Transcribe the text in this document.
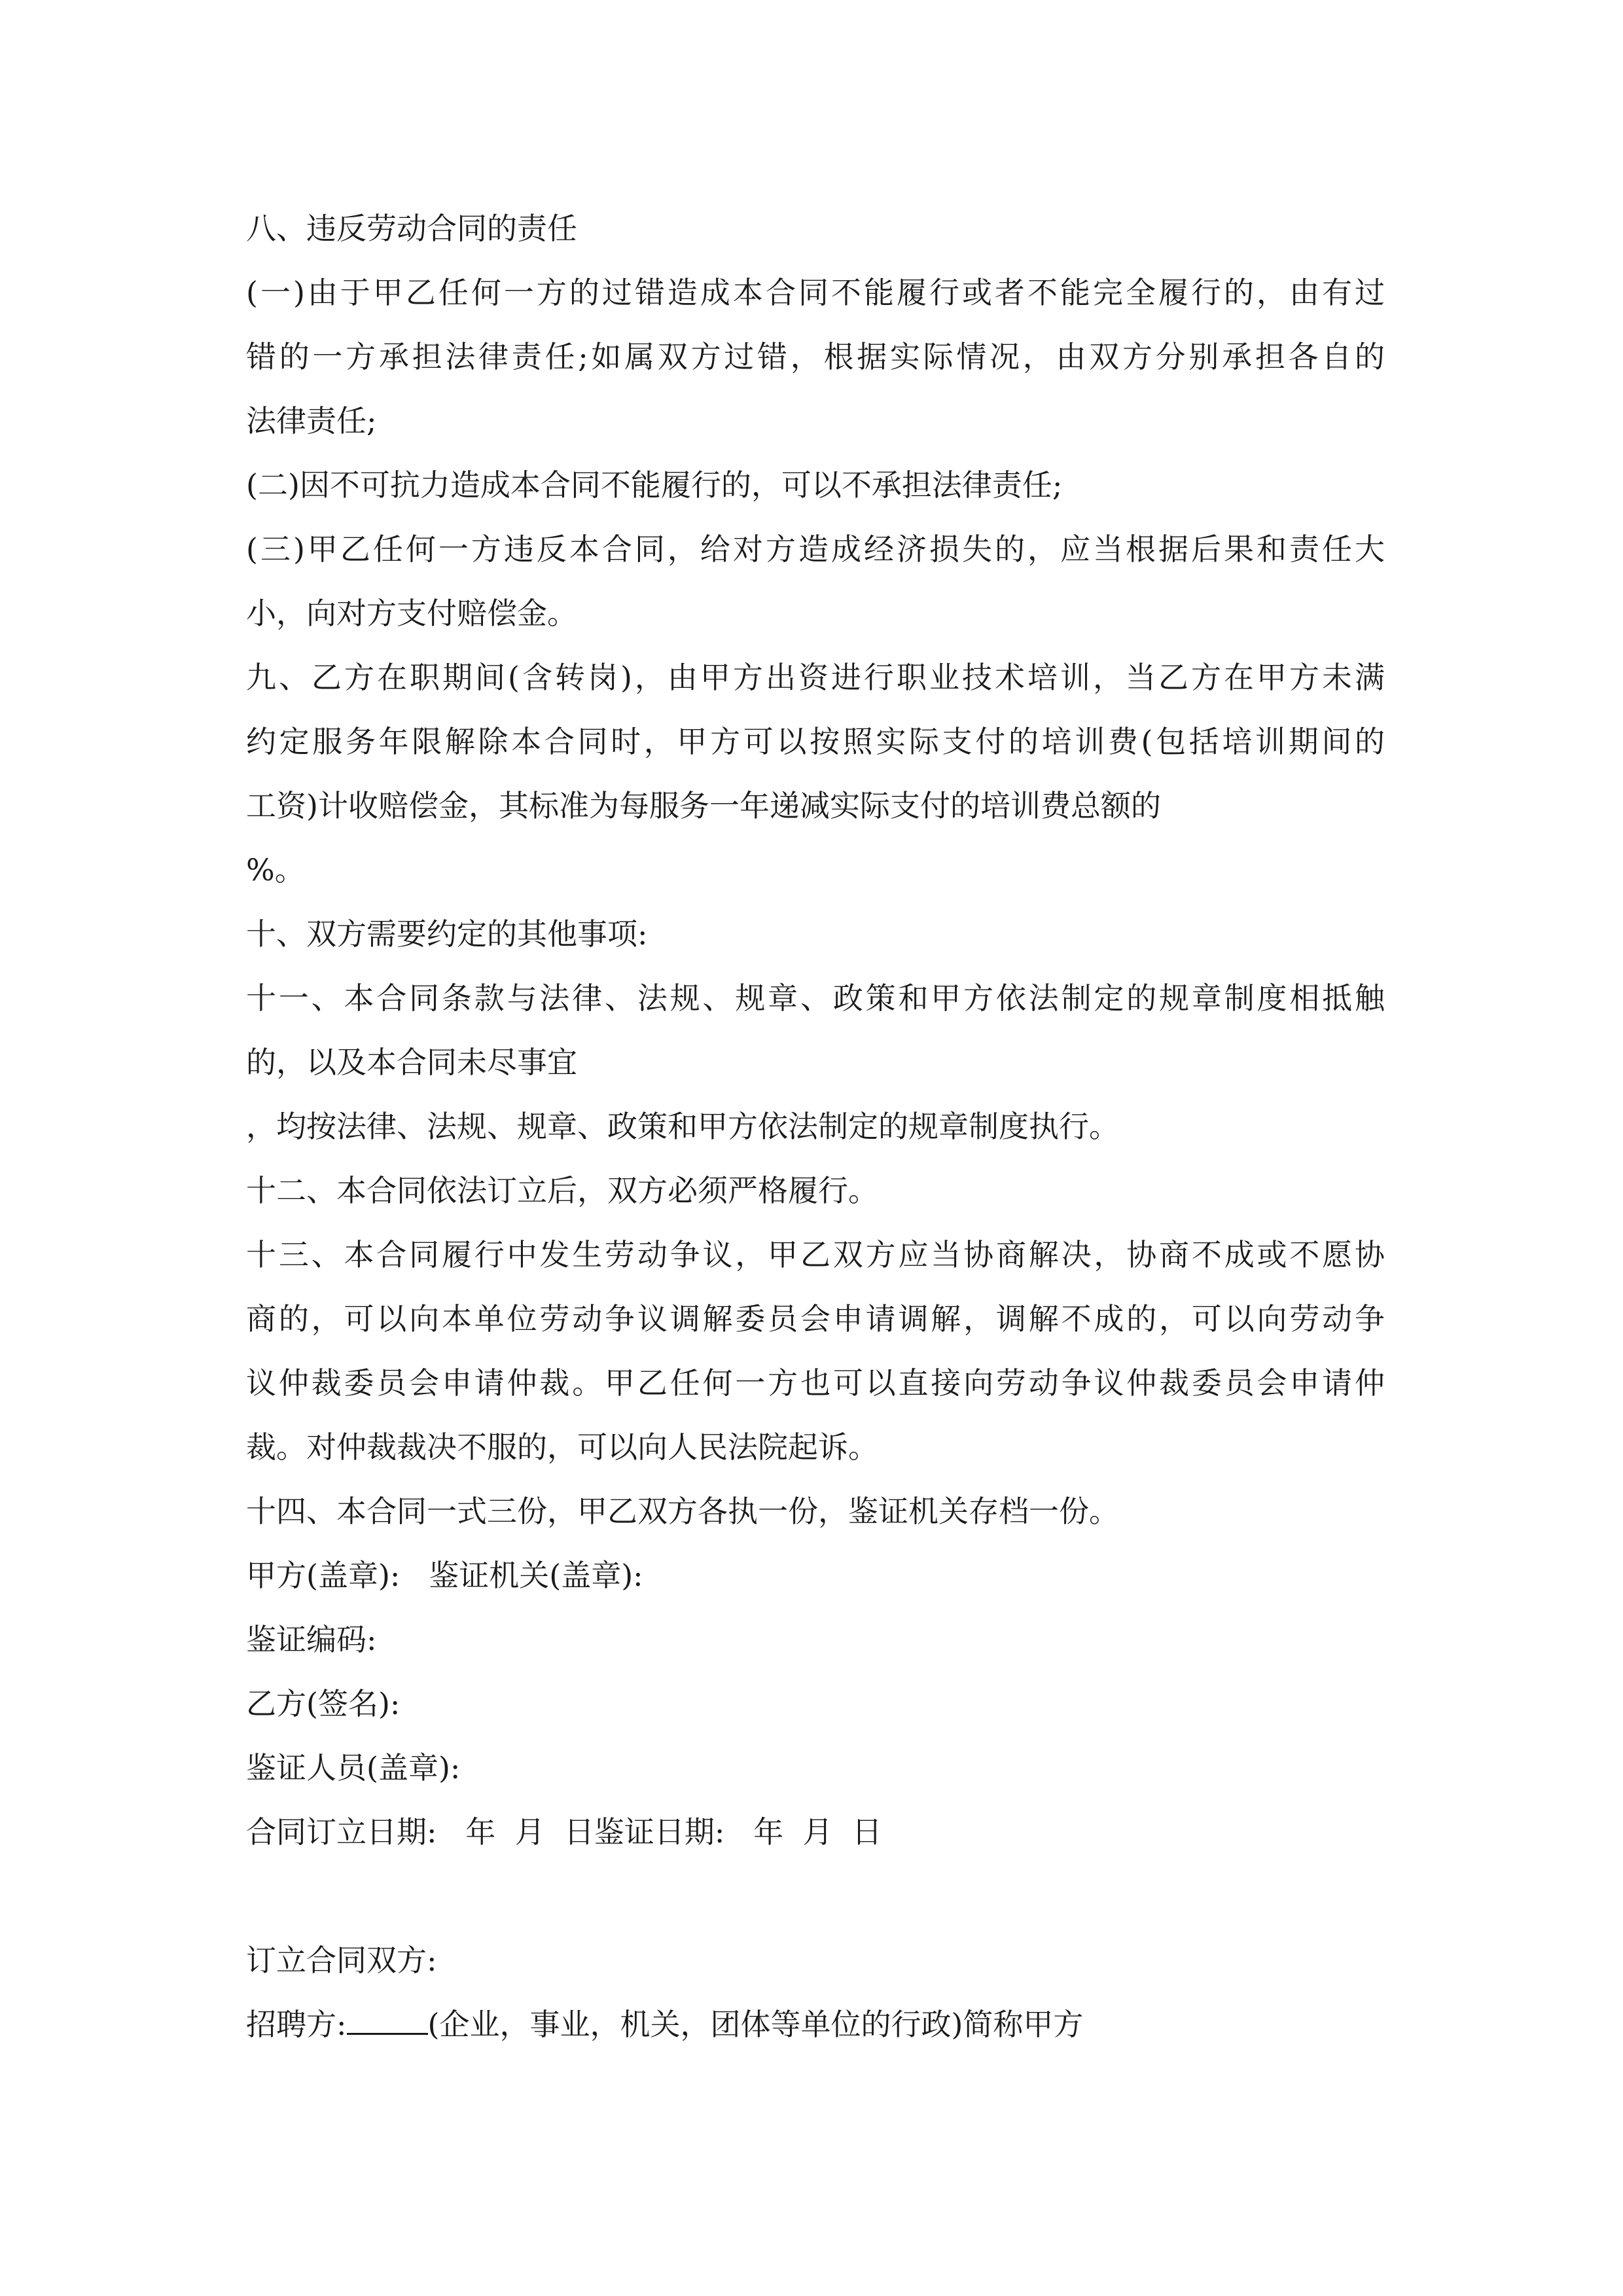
八、违反劳动合同的责任
(一)由于甲乙任何一方的过错造成本合同不能履行或者不能完全履行的，由有过
错的一方承担法律责任;如属双方过错，根据实际情况，由双方分别承担各自的
法律责任;
(二)因不可抗力造成本合同不能履行的，可以不承担法律责任;
(三)甲乙任何一方违反本合同，给对方造成经济损失的，应当根据后果和责任大
小，向对方支付赔偿金。
九、乙方在职期间(含转岗)，由甲方出资进行职业技术培训，当乙方在甲方未满
约定服务年限解除本合同时，甲方可以按照实际支付的培训费(包括培训期间的
工资)计收赔偿金，其标准为每服务一年递减实际支付的培训费总额的
%。
十、双方需要约定的其他事项:
十一、本合同条款与法律、法规、规章、政策和甲方依法制定的规章制度相抵触
的，以及本合同未尽事宜
，均按法律、法规、规章、政策和甲方依法制定的规章制度执行。
十二、本合同依法订立后，双方必须严格履行。
十三、本合同履行中发生劳动争议，甲乙双方应当协商解决，协商不成或不愿协
商的，可以向本单位劳动争议调解委员会申请调解，调解不成的，可以向劳动争
议仲裁委员会申请仲裁。甲乙任何一方也可以直接向劳动争议仲裁委员会申请仲
裁。对仲裁裁决不服的，可以向人民法院起诉。
十四、本合同一式三份，甲乙双方各执一份，鉴证机关存档一份。
甲方(盖章):   鉴证机关(盖章):
鉴证编码:
乙方(签名):
鉴证人员(盖章):
合同订立日期:   年  月  日鉴证日期:   年  月  日
订立合同双方:
招聘方:	(企业，事业，机关，团体等单位的行政)简称甲方
